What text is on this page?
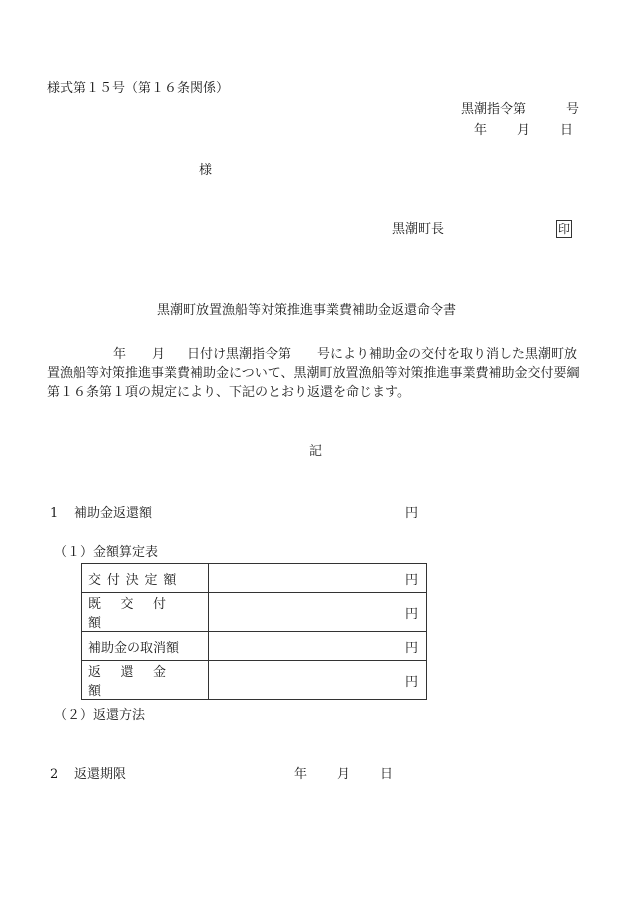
様式第１５号（第１６条関係）
黒潮指令第	号
年 月 日
様
黒潮町長	印
黒潮町放置漁船等対策推進事業費補助金返還命令書
年 月 日付け黒潮指令第 号により補助金の交付を取り消した黒潮町放置漁船等対策推進事業費補助金について、黒潮町放置漁船等対策推進事業費補助金交付要綱第１６条第１項の規定により、下記のとおり返還を命じます。
記
1 補助金返還額	円
（１）金額算定表
交付決定額	円
既交付額	円
補助金の取消額	円
返還金額	円
（２）返還方法
2 返還期限	年 月 日
